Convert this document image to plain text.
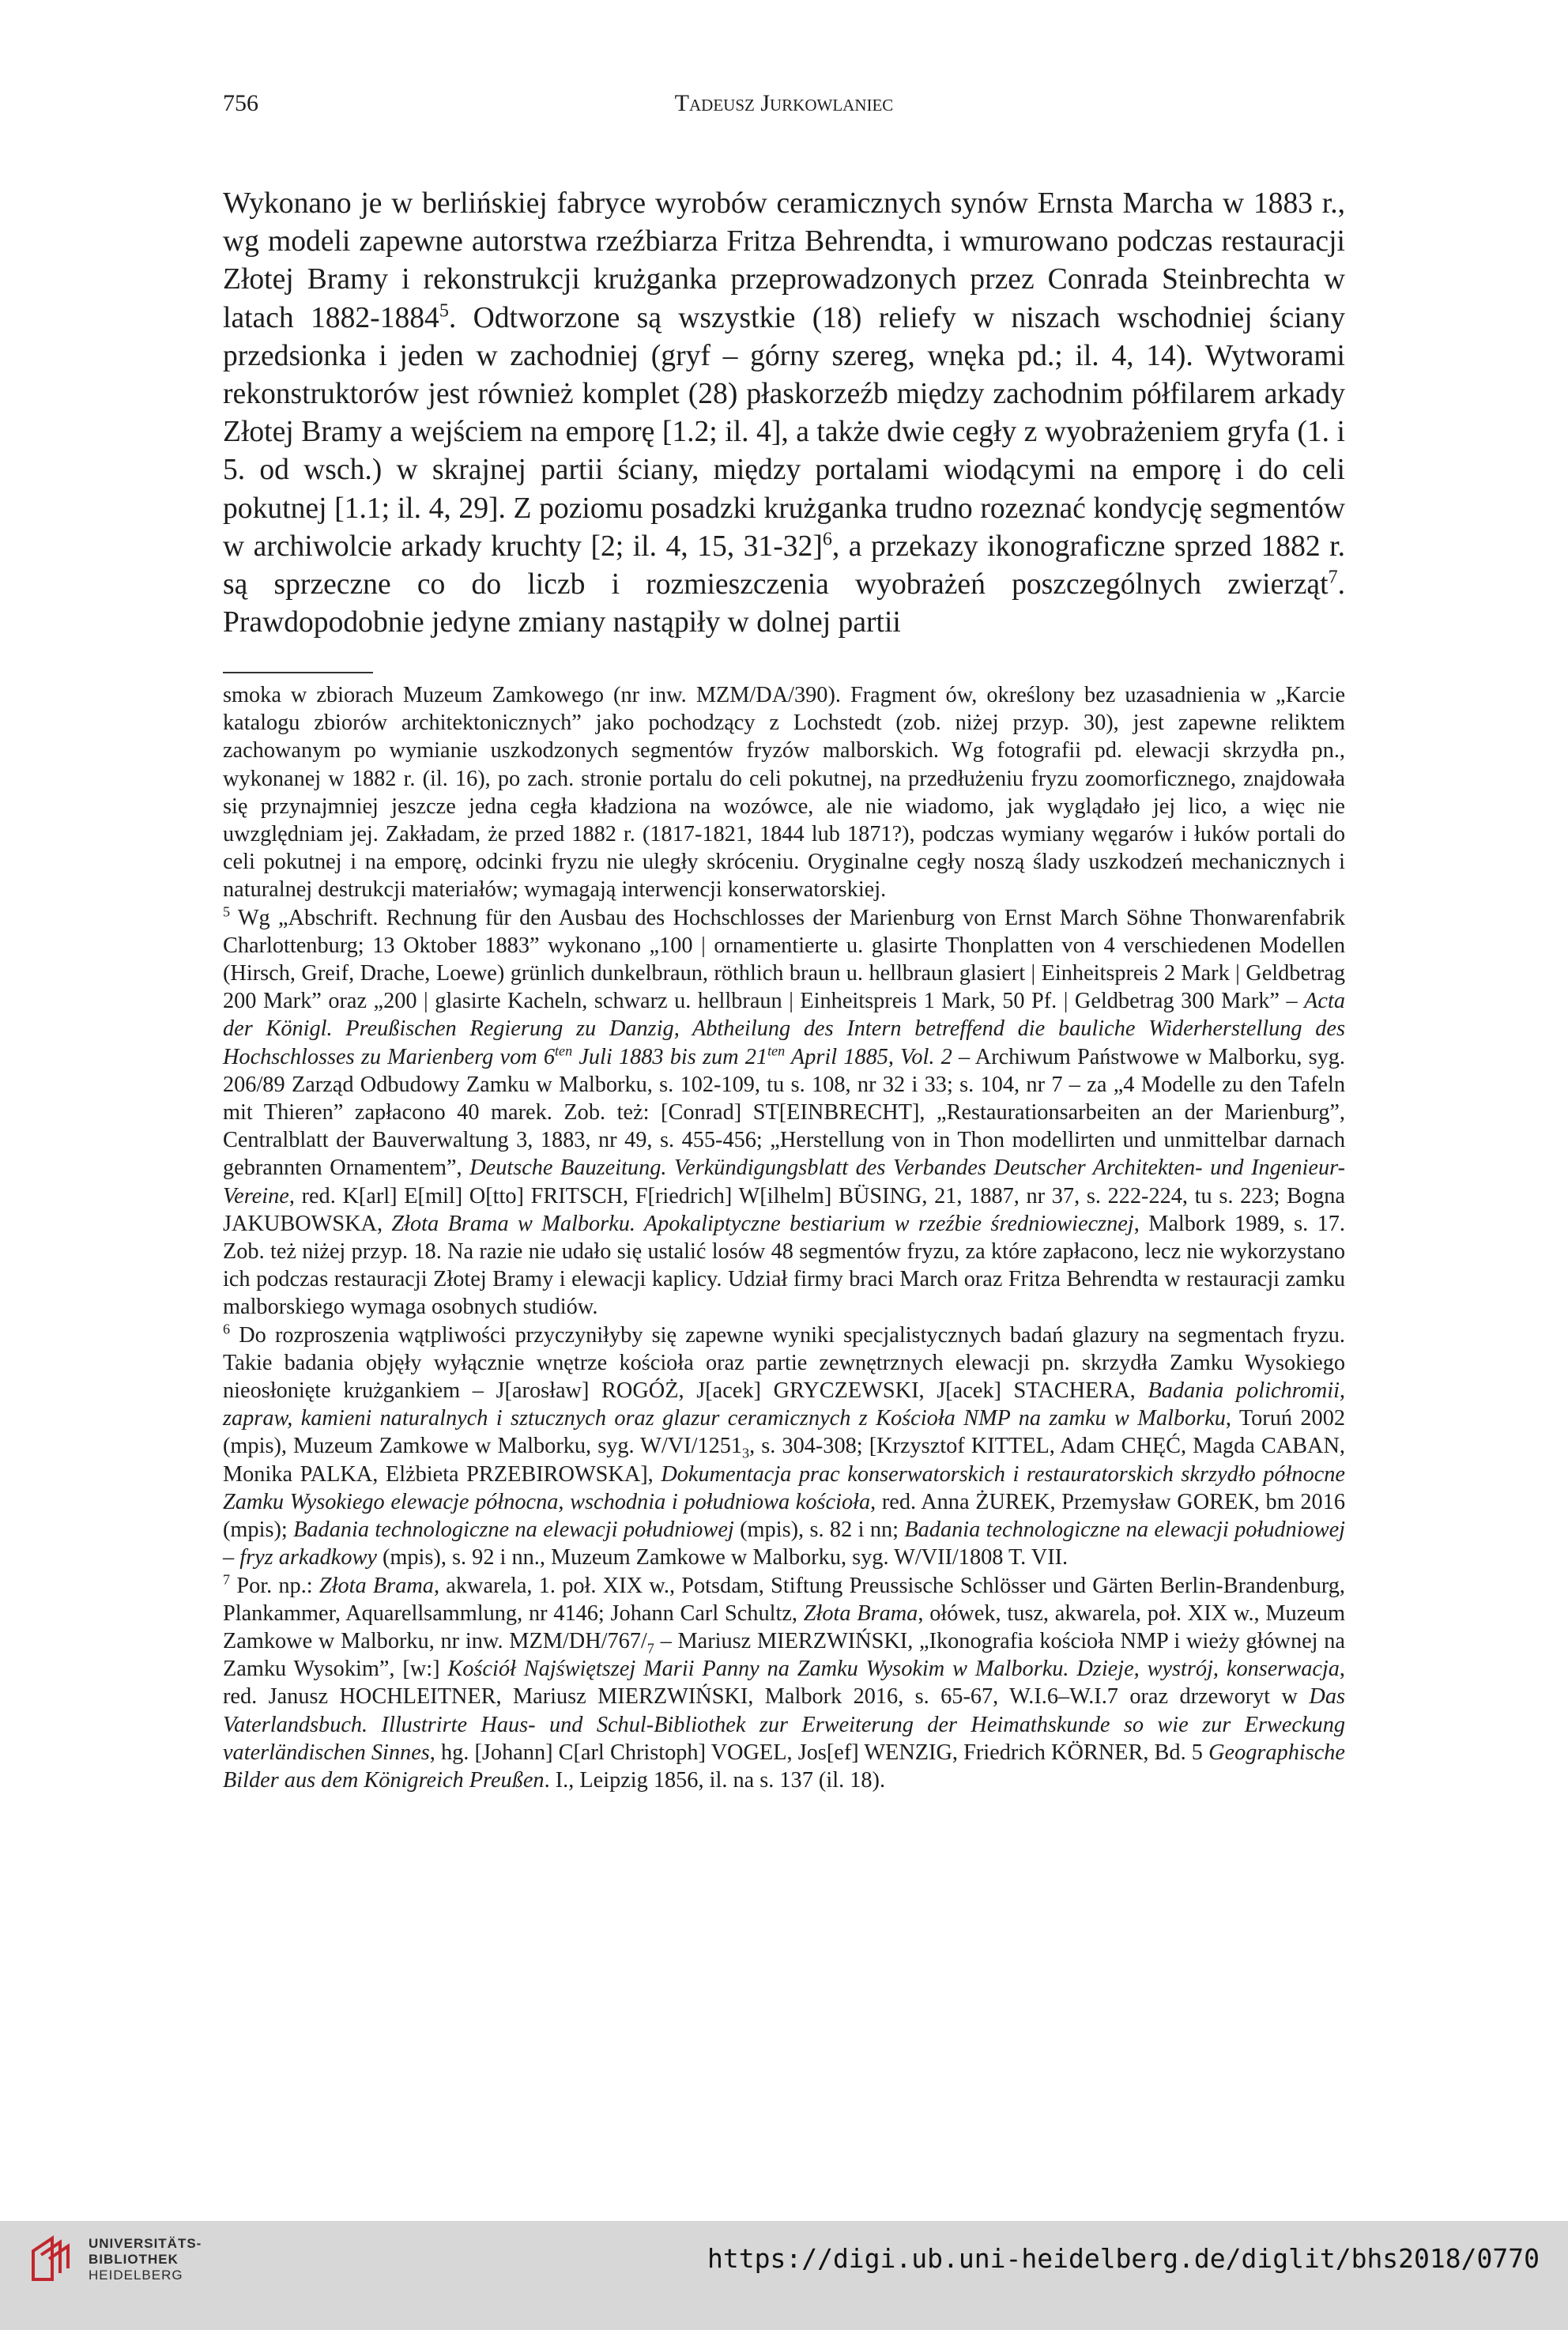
756	Tadeusz Jurkowlaniec

Wykonano je w berlińskiej fabryce wyrobów ceramicznych synów Ernsta Marcha w 1883 r., wg modeli zapewne autorstwa rzeźbiarza Fritza Behrendta, i wmurowano podczas restauracji Złotej Bramy i rekonstrukcji krużganka przeprowadzonych przez Conrada Steinbrechta w latach 1882-1884$^5$. Odtworzone są wszystkie (18) reliefy w niszach wschodniej ściany przedsionka i jeden w zachodniej (gryf – górny szereg, wnęka pd.; il. 4, 14). Wytworami rekonstruktorów jest również komplet (28) płaskorzeźb między zachodnim półfilarem arkady Złotej Bramy a wejściem na emporę [1.2; il. 4], a także dwie cegły z wyobrażeniem gryfa (1. i 5. od wsch.) w skrajnej partii ściany, między portalami wiodącymi na emporę i do celi pokutnej [1.1; il. 4, 29]. Z poziomu posadzki krużganka trudno rozeznać kondycję segmentów w archiwolcie arkady kruchty [2; il. 4, 15, 31-32]$^6$, a przekazy ikonograficzne sprzed 1882 r. są sprzeczne co do liczb i rozmieszczenia wyobrażeń poszczególnych zwierząt$^7$. Prawdopodobnie jedyne zmiany nastąpiły w dolnej partii

smoka w zbiorach Muzeum Zamkowego (nr inw. MZM/DA/390). Fragment ów, określony bez uzasadnienia w „Karcie katalogu zbiorów architektonicznych” jako pochodzący z Lochstedt (zob. niżej przyp. 30), jest zapewne reliktem zachowanym po wymianie uszkodzonych segmentów fryzów malborskich. Wg fotografii pd. elewacji skrzydła pn., wykonanej w 1882 r. (il. 16), po zach. stronie portalu do celi pokutnej, na przedłużeniu fryzu zoomorficznego, znajdowała się przynajmniej jeszcze jedna cegła kładziona na wozówce, ale nie wiadomo, jak wyglądało jej lico, a więc nie uwzględniam jej. Zakładam, że przed 1882 r. (1817-1821, 1844 lub 1871?), podczas wymiany węgarów i łuków portali do celi pokutnej i na emporę, odcinki fryzu nie uległy skróceniu. Oryginalne cegły noszą ślady uszkodzeń mechanicznych i naturalnej destrukcji materiałów; wymagają interwencji konserwatorskiej.

$^5$ Wg „Abschrift. Rechnung für den Ausbau des Hochschlosses der Marienburg von Ernst March Söhne Thonwarenfabrik Charlottenburg; 13 Oktober 1883” wykonano „100 | ornamentierte u. glasirte Thonplatten von 4 verschiedenen Modellen (Hirsch, Greif, Drache, Loewe) grünlich dunkelbraun, röthlich braun u. hellbraun glasiert | Einheitspreis 2 Mark | Geldbetrag 200 Mark” oraz „200 | glasirte Kacheln, schwarz u. hellbraun | Einheitspreis 1 Mark, 50 Pf. | Geldbetrag 300 Mark” – Acta der Königl. Preußischen Regierung zu Danzig, Abtheilung des Intern betreffend die bauliche Widerherstellung des Hochschlosses zu Marienberg vom $6^{ten}$ Juli 1883 bis zum $21^{ten}$ April 1885, Vol. 2 – Archiwum Państwowe w Malborku, syg. 206/89 Zarząd Odbudowy Zamku w Malborku, s. 102-109, tu s. 108, nr 32 i 33; s. 104, nr 7 – za „4 Modelle zu den Tafeln mit Thieren” zapłacono 40 marek. Zob. też: [Conrad] ST[EINBRECHT], „Restaurationsarbeiten an der Marienburg”, Centralblatt der Bauverwaltung 3, 1883, nr 49, s. 455-456; „Herstellung von in Thon modellirten und unmittelbar darnach gebrannten Ornamentem”, Deutsche Bauzeitung. Verkündigungsblatt des Verbandes Deutscher Architekten- und Ingenieur-Vereine, red. K[arl] E[mil] O[tto] FRITSCH, F[riedrich] W[ilhelm] BÜSING, 21, 1887, nr 37, s. 222-224, tu s. 223; Bogna JAKUBOWSKA, Złota Brama w Malborku. Apokaliptyczne bestiarium w rzeźbie średniowiecznej, Malbork 1989, s. 17. Zob. też niżej przyp. 18. Na razie nie udało się ustalić losów 48 segmentów fryzu, za które zapłacono, lecz nie wykorzystano ich podczas restauracji Złotej Bramy i elewacji kaplicy. Udział firmy braci March oraz Fritza Behrendta w restauracji zamku malborskiego wymaga osobnych studiów.

$^6$ Do rozproszenia wątpliwości przyczyniłyby się zapewne wyniki specjalistycznych badań glazury na segmentach fryzu. Takie badania objęły wyłącznie wnętrze kościoła oraz partie zewnętrznych elewacji pn. skrzydła Zamku Wysokiego nieosłonięte krużgankiem – J[arosław] ROGÓŻ, J[acek] GRYCZEWSKI, J[acek] STACHERA, Badania polichromii, zapraw, kamieni naturalnych i sztucznych oraz glazur ceramicznych z Kościoła NMP na zamku w Malborku, Toruń 2002 (mpis), Muzeum Zamkowe w Malborku, syg. $W/VI/1251_3$, s. 304-308; [Krzysztof KITTEL, Adam CHĘĆ, Magda CABAN, Monika PALKA, Elżbieta PRZEBIROWSKA], Dokumentacja prac konserwatorskich i restauratorskich skrzydło północne Zamku Wysokiego elewacje północna, wschodnia i południowa kościoła, red. Anna ŻUREK, Przemysław GOREK, bm 2016 (mpis); Badania technologiczne na elewacji południowej (mpis), s. 82 i nn; Badania technologiczne na elewacji południowej – fryz arkadkowy (mpis), s. 92 i nn., Muzeum Zamkowe w Malborku, syg. W/VII/1808 T. VII.

$^7$ Por. np.: Złota Brama, akwarela, 1. poł. XIX w., Potsdam, Stiftung Preussische Schlösser und Gärten Berlin-Brandenburg, Plankammer, Aquarellsammlung, nr 4146; Johann Carl Schultz, Złota Brama, ołówek, tusz, akwarela, poł. XIX w., Muzeum Zamkowe w Malborku, nr inw. MZM/$DH/767/_7$ – Mariusz MIERZWIŃSKI, „Ikonografia kościoła NMP i wieży głównej na Zamku Wysokim”, [w:] Kościół Najświętszej Marii Panny na Zamku Wysokim w Malborku. Dzieje, wystrój, konserwacja, red. Janusz HOCHLEITNER, Mariusz MIERZWIŃSKI, Malbork 2016, s. 65-67, W.I.6–W.I.7 oraz drzeworyt w Das Vaterlandsbuch. Illustrirte Haus- und Schul-Bibliothek zur Erweiterung der Heimathskunde so wie zur Erweckung vaterländischen Sinnes, hg. [Johann] C[arl Christoph] VOGEL, Jos[ef] WENZIG, Friedrich KÖRNER, Bd. 5 Geographische Bilder aus dem Königreich Preußen. I., Leipzig 1856, il. na s. 137 (il. 18).

UNIVERSITÄTS-
BIBLIOTHEK
HEIDELBERG
https://digi.ub.uni-heidelberg.de/diglit/bhs2018/0770
